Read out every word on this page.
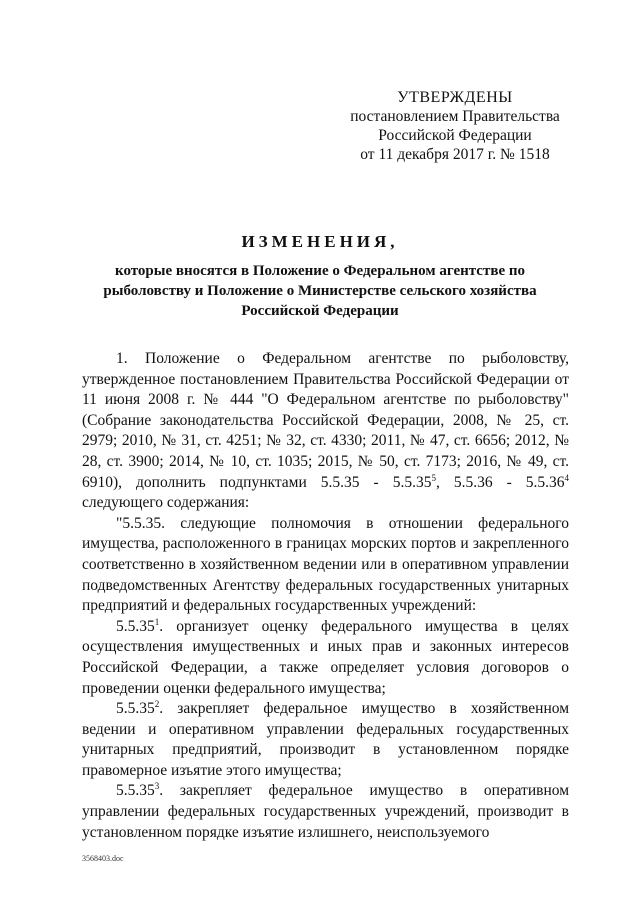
УТВЕРЖДЕНЫ
постановлением Правительства
Российской Федерации
от 11 декабря 2017 г. № 1518
ИЗМЕНЕНИЯ,
которые вносятся в Положение о Федеральном агентстве по рыболовству и Положение о Министерстве сельского хозяйства Российской Федерации

1. Положение о Федеральном агентстве по рыболовству, утвержденное постановлением Правительства Российской Федерации от 11 июня 2008 г. № 444 "О Федеральном агентстве по рыболовству" (Собрание законодательства Российской Федерации, 2008, № 25, ст. 2979; 2010, № 31, ст. 4251; № 32, ст. 4330; 2011, № 47, ст. 6656; 2012, № 28, ст. 3900; 2014, № 10, ст. 1035; 2015, № 50, ст. 7173; 2016, № 49, ст. 6910), дополнить подпунктами 5.5.35 - 5.5.35$^5$, 5.5.36 - 5.5.36$^4$ следующего содержания:

"5.5.35. следующие полномочия в отношении федерального имущества, расположенного в границах морских портов и закрепленного соответственно в хозяйственном ведении или в оперативном управлении подведомственных Агентству федеральных государственных унитарных предприятий и федеральных государственных учреждений:

5.5.35$^1$. организует оценку федерального имущества в целях осуществления имущественных и иных прав и законных интересов Российской Федерации, а также определяет условия договоров о проведении оценки федерального имущества;

5.5.35$^2$. закрепляет федеральное имущество в хозяйственном ведении и оперативном управлении федеральных государственных унитарных предприятий, производит в установленном порядке правомерное изъятие этого имущества;

5.5.35$^3$. закрепляет федеральное имущество в оперативном управлении федеральных государственных учреждений, производит в установленном порядке изъятие излишнего, неиспользуемого

3568403.doc
